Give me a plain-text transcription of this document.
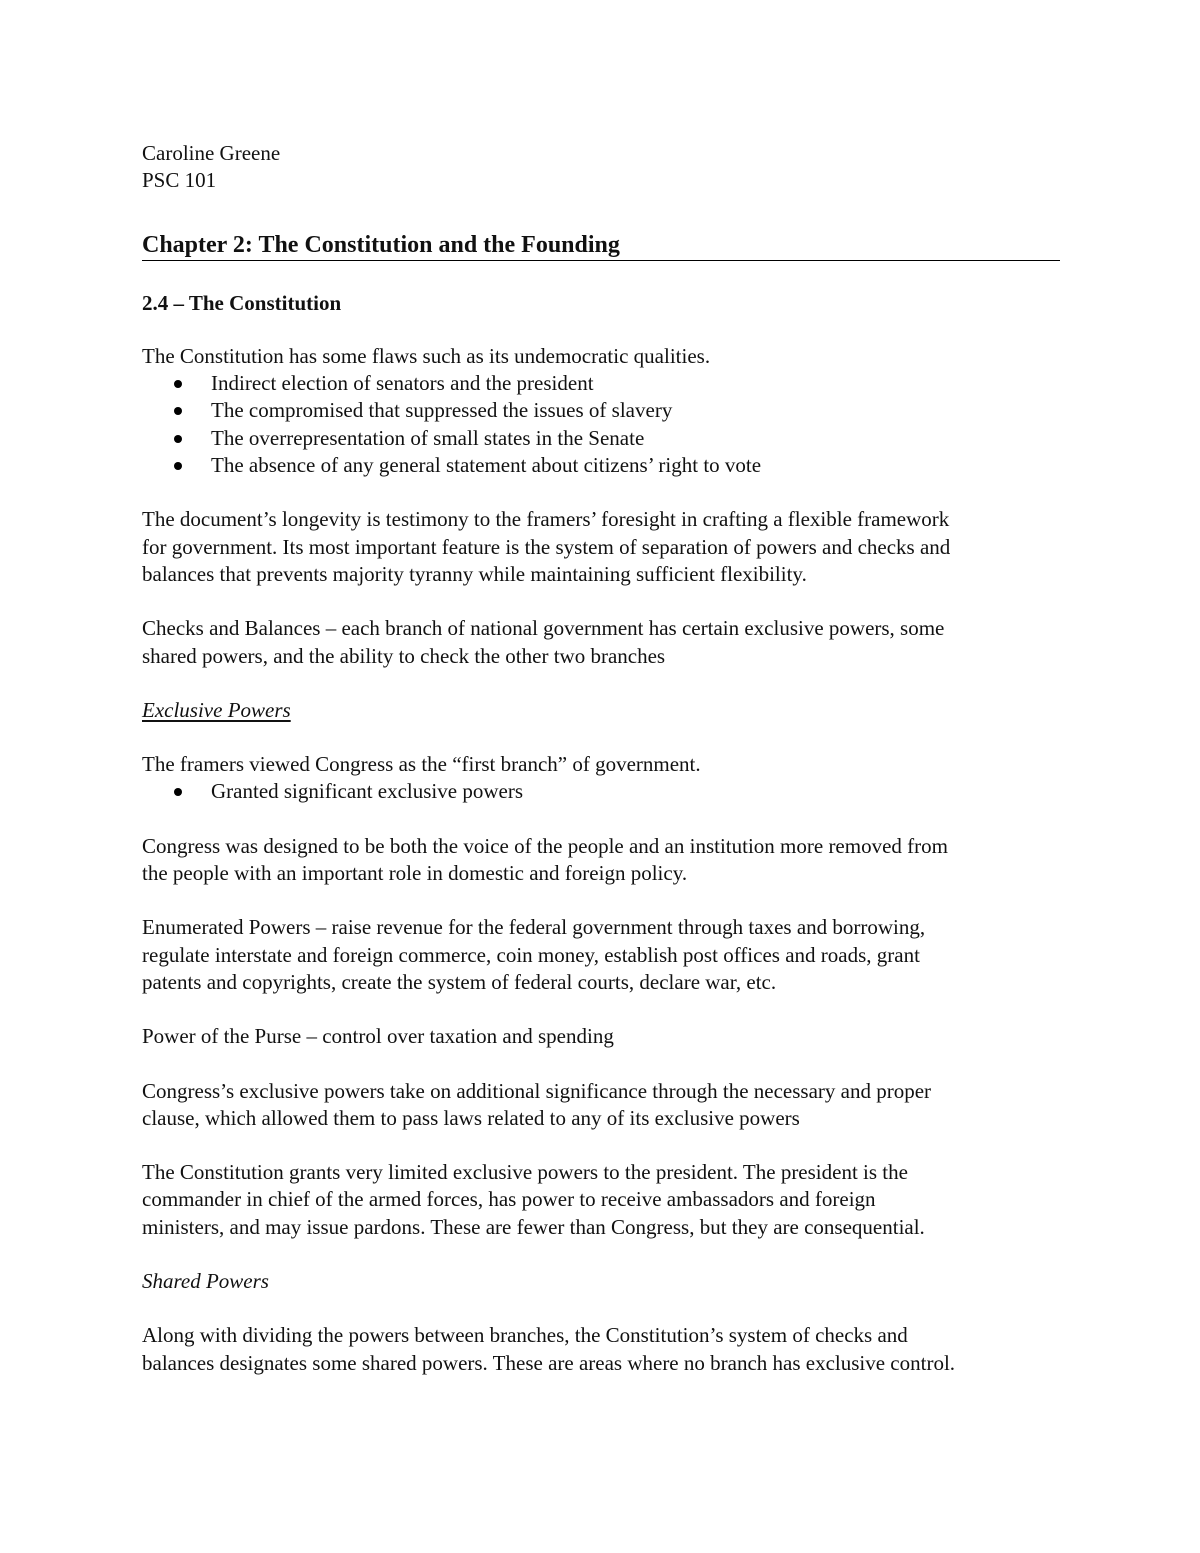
Caroline Greene
PSC 101
Chapter 2: The Constitution and the Founding
2.4 – The Constitution

The Constitution has some flaws such as its undemocratic qualities.

Indirect election of senators and the president
The compromised that suppressed the issues of slavery
The overrepresentation of small states in the Senate
The absence of any general statement about citizens’ right to vote

The document’s longevity is testimony to the framers’ foresight in crafting a flexible framework
for government. Its most important feature is the system of separation of powers and checks and
balances that prevents majority tyranny while maintaining sufficient flexibility.

Checks and Balances – each branch of national government has certain exclusive powers, some
shared powers, and the ability to check the other two branches

Exclusive Powers

The framers viewed Congress as the “first branch” of government.

Granted significant exclusive powers

Congress was designed to be both the voice of the people and an institution more removed from
the people with an important role in domestic and foreign policy.

Enumerated Powers – raise revenue for the federal government through taxes and borrowing,
regulate interstate and foreign commerce, coin money, establish post offices and roads, grant
patents and copyrights, create the system of federal courts, declare war, etc.

Power of the Purse – control over taxation and spending

Congress’s exclusive powers take on additional significance through the necessary and proper
clause, which allowed them to pass laws related to any of its exclusive powers

The Constitution grants very limited exclusive powers to the president. The president is the
commander in chief of the armed forces, has power to receive ambassadors and foreign
ministers, and may issue pardons. These are fewer than Congress, but they are consequential.

Shared Powers

Along with dividing the powers between branches, the Constitution’s system of checks and
balances designates some shared powers. These are areas where no branch has exclusive control.
